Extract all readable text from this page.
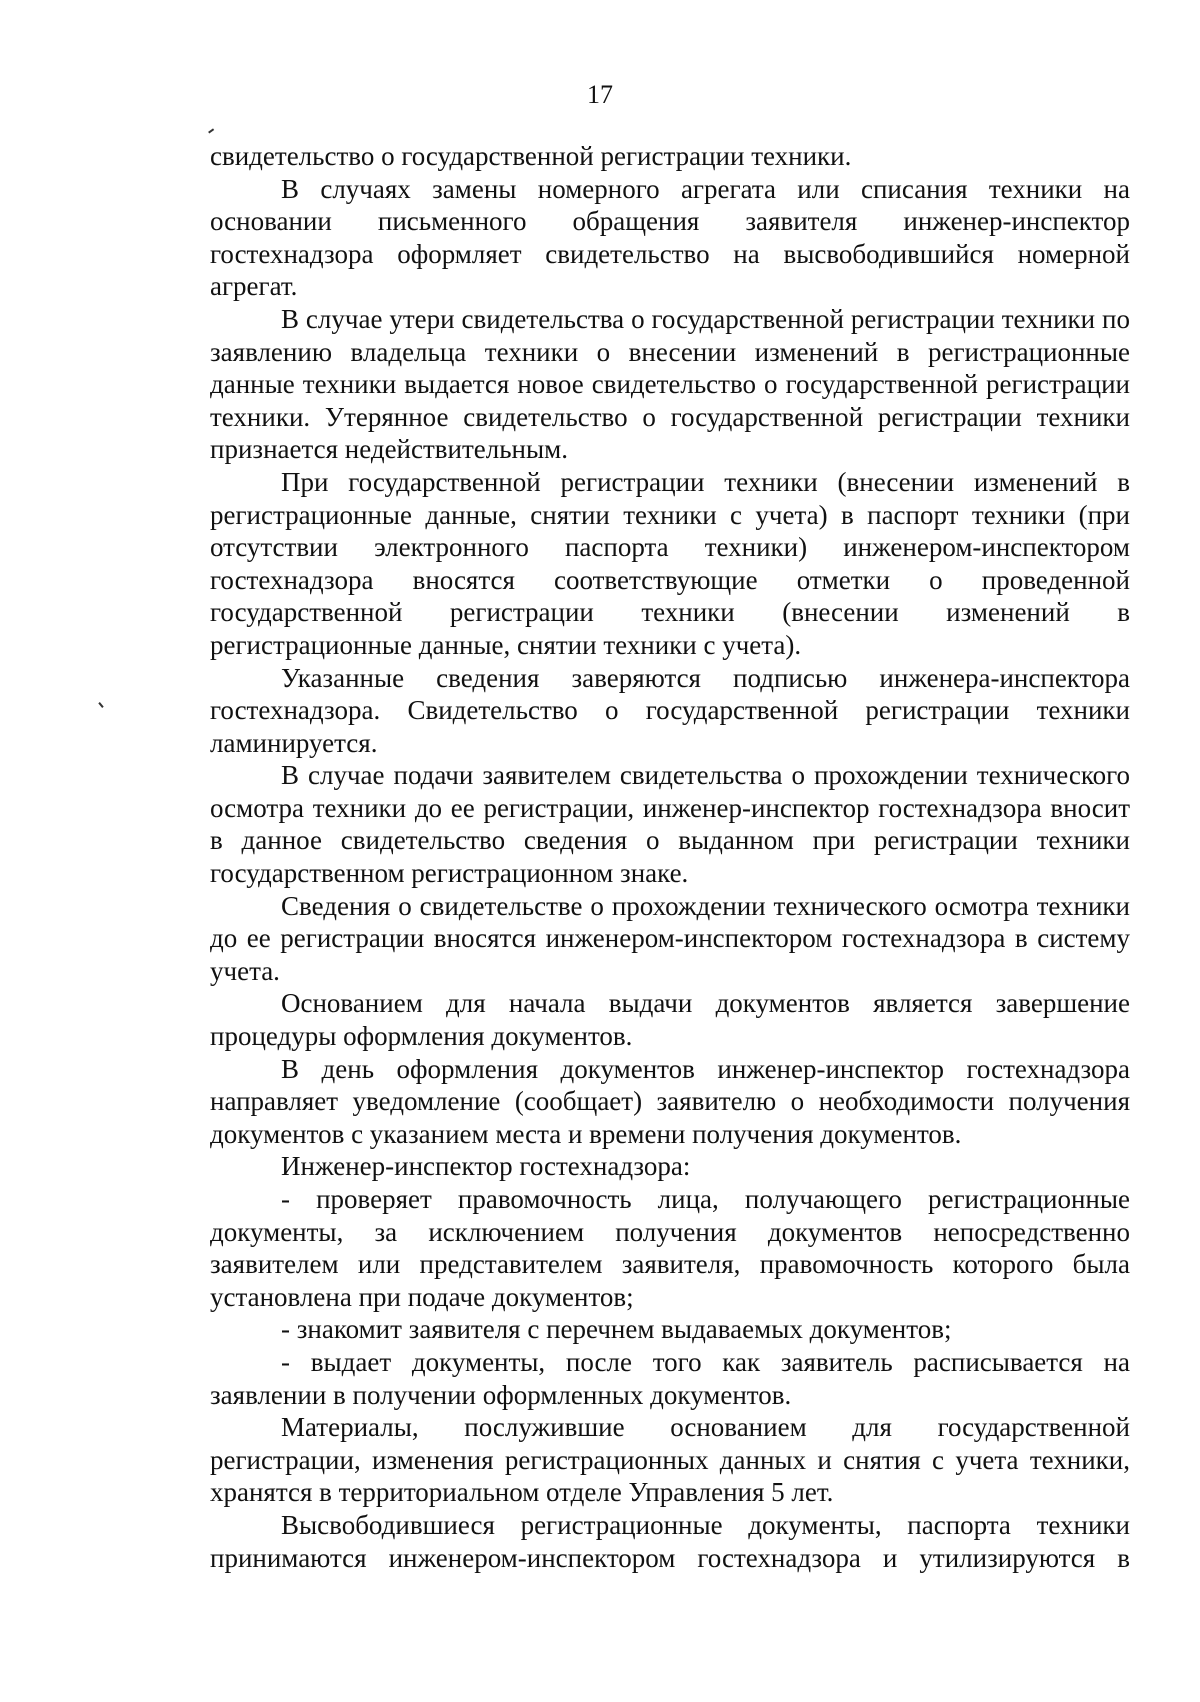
17

свидетельство о государственной регистрации техники.

В случаях замены номерного агрегата или списания техники на основании письменного обращения заявителя инженер-инспектор гостехнадзора оформляет свидетельство на высвободившийся номерной агрегат.

В случае утери свидетельства о государственной регистрации техники по заявлению владельца техники о внесении изменений в регистрационные данные техники выдается новое свидетельство о государственной регистрации техники. Утерянное свидетельство о государственной регистрации техники признается недействительным.

При государственной регистрации техники (внесении изменений в регистрационные данные, снятии техники с учета) в паспорт техники (при отсутствии электронного паспорта техники) инженером-инспектором гостехнадзора вносятся соответствующие отметки о проведенной государственной регистрации техники (внесении изменений в регистрационные данные, снятии техники с учета).

Указанные сведения заверяются подписью инженера-инспектора гостехнадзора. Свидетельство о государственной регистрации техники ламинируется.

В случае подачи заявителем свидетельства о прохождении технического осмотра техники до ее регистрации, инженер-инспектор гостехнадзора вносит в данное свидетельство сведения о выданном при регистрации техники государственном регистрационном знаке.

Сведения о свидетельстве о прохождении технического осмотра техники до ее регистрации вносятся инженером-инспектором гостехнадзора в систему учета.

Основанием для начала выдачи документов является завершение процедуры оформления документов.

В день оформления документов инженер-инспектор гостехнадзора направляет уведомление (сообщает) заявителю о необходимости получения документов с указанием места и времени получения документов.

Инженер-инспектор гостехнадзора:

- проверяет правомочность лица, получающего регистрационные документы, за исключением получения документов непосредственно заявителем или представителем заявителя, правомочность которого была установлена при подаче документов;

- знакомит заявителя с перечнем выдаваемых документов;

- выдает документы, после того как заявитель расписывается на заявлении в получении оформленных документов.

Материалы, послужившие основанием для государственной регистрации, изменения регистрационных данных и снятия с учета техники, хранятся в территориальном отделе Управления 5 лет.

Высвободившиеся регистрационные документы, паспорта техники принимаются инженером-инспектором гостехнадзора и утилизируются в
